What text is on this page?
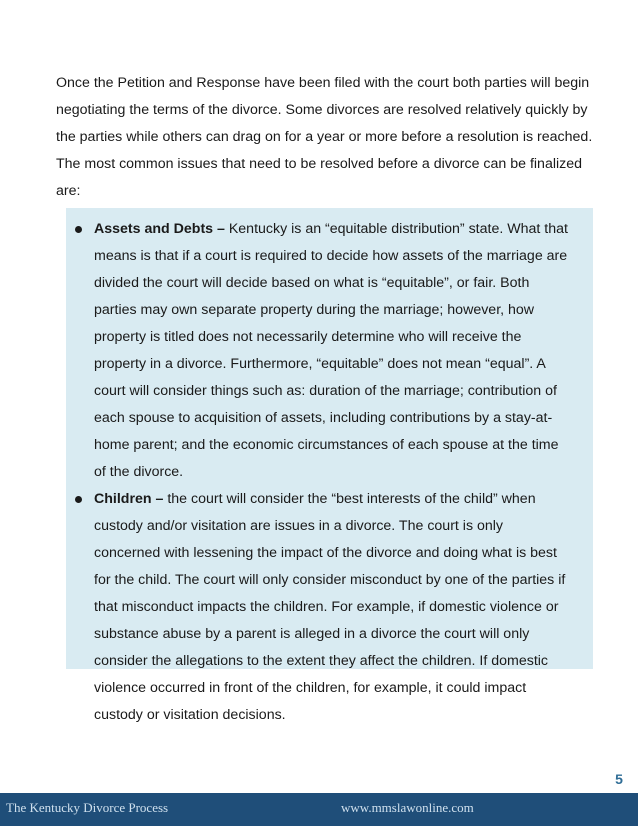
Once the Petition and Response have been filed with the court both parties will begin negotiating the terms of the divorce. Some divorces are resolved relatively quickly by the parties while others can drag on for a year or more before a resolution is reached. The most common issues that need to be resolved before a divorce can be finalized are:

Assets and Debts – Kentucky is an “equitable distribution” state. What that means is that if a court is required to decide how assets of the marriage are divided the court will decide based on what is “equitable”, or fair. Both parties may own separate property during the marriage; however, how property is titled does not necessarily determine who will receive the property in a divorce. Furthermore, “equitable” does not mean “equal”. A court will consider things such as: duration of the marriage; contribution of each spouse to acquisition of assets, including contributions by a stay-at-home parent; and the economic circumstances of each spouse at the time of the divorce.
Children – the court will consider the “best interests of the child” when custody and/or visitation are issues in a divorce. The court is only concerned with lessening the impact of the divorce and doing what is best for the child. The court will only consider misconduct by one of the parties if that misconduct impacts the children. For example, if domestic violence or substance abuse by a parent is alleged in a divorce the court will only consider the allegations to the extent they affect the children. If domestic violence occurred in front of the children, for example, it could impact custody or visitation decisions.
5
The Kentucky Divorce Process	www.mmslawonline.com
